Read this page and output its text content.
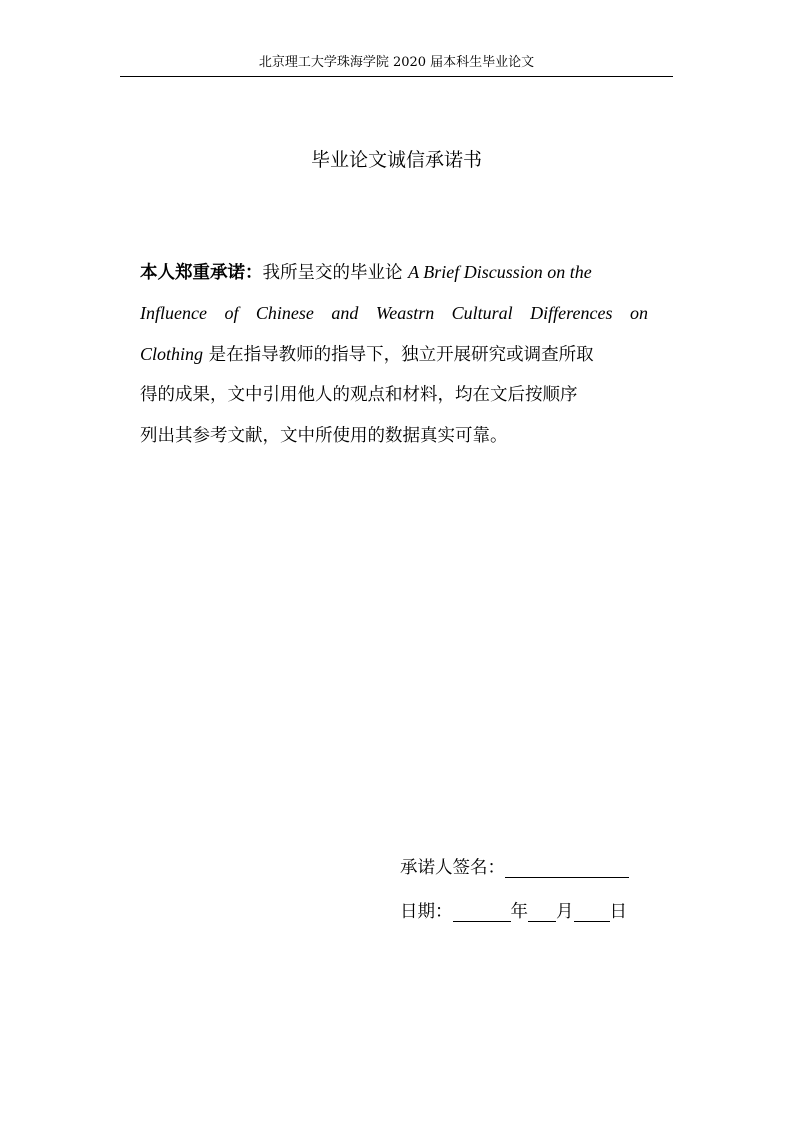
北京理工大学珠海学院 2020 届本科生毕业论文
毕业论文诚信承诺书
本人郑重承诺：我所呈交的毕业论 A Brief Discussion on the
Influence of Chinese and Weastrn Cultural Differences on
Clothing 是在指导教师的指导下，独立开展研究或调查所取
得的成果，文中引用他人的观点和材料，均在文后按顺序
列出其参考文献，文中所使用的数据真实可靠。
承诺人签名：
日期：	年 月 日
